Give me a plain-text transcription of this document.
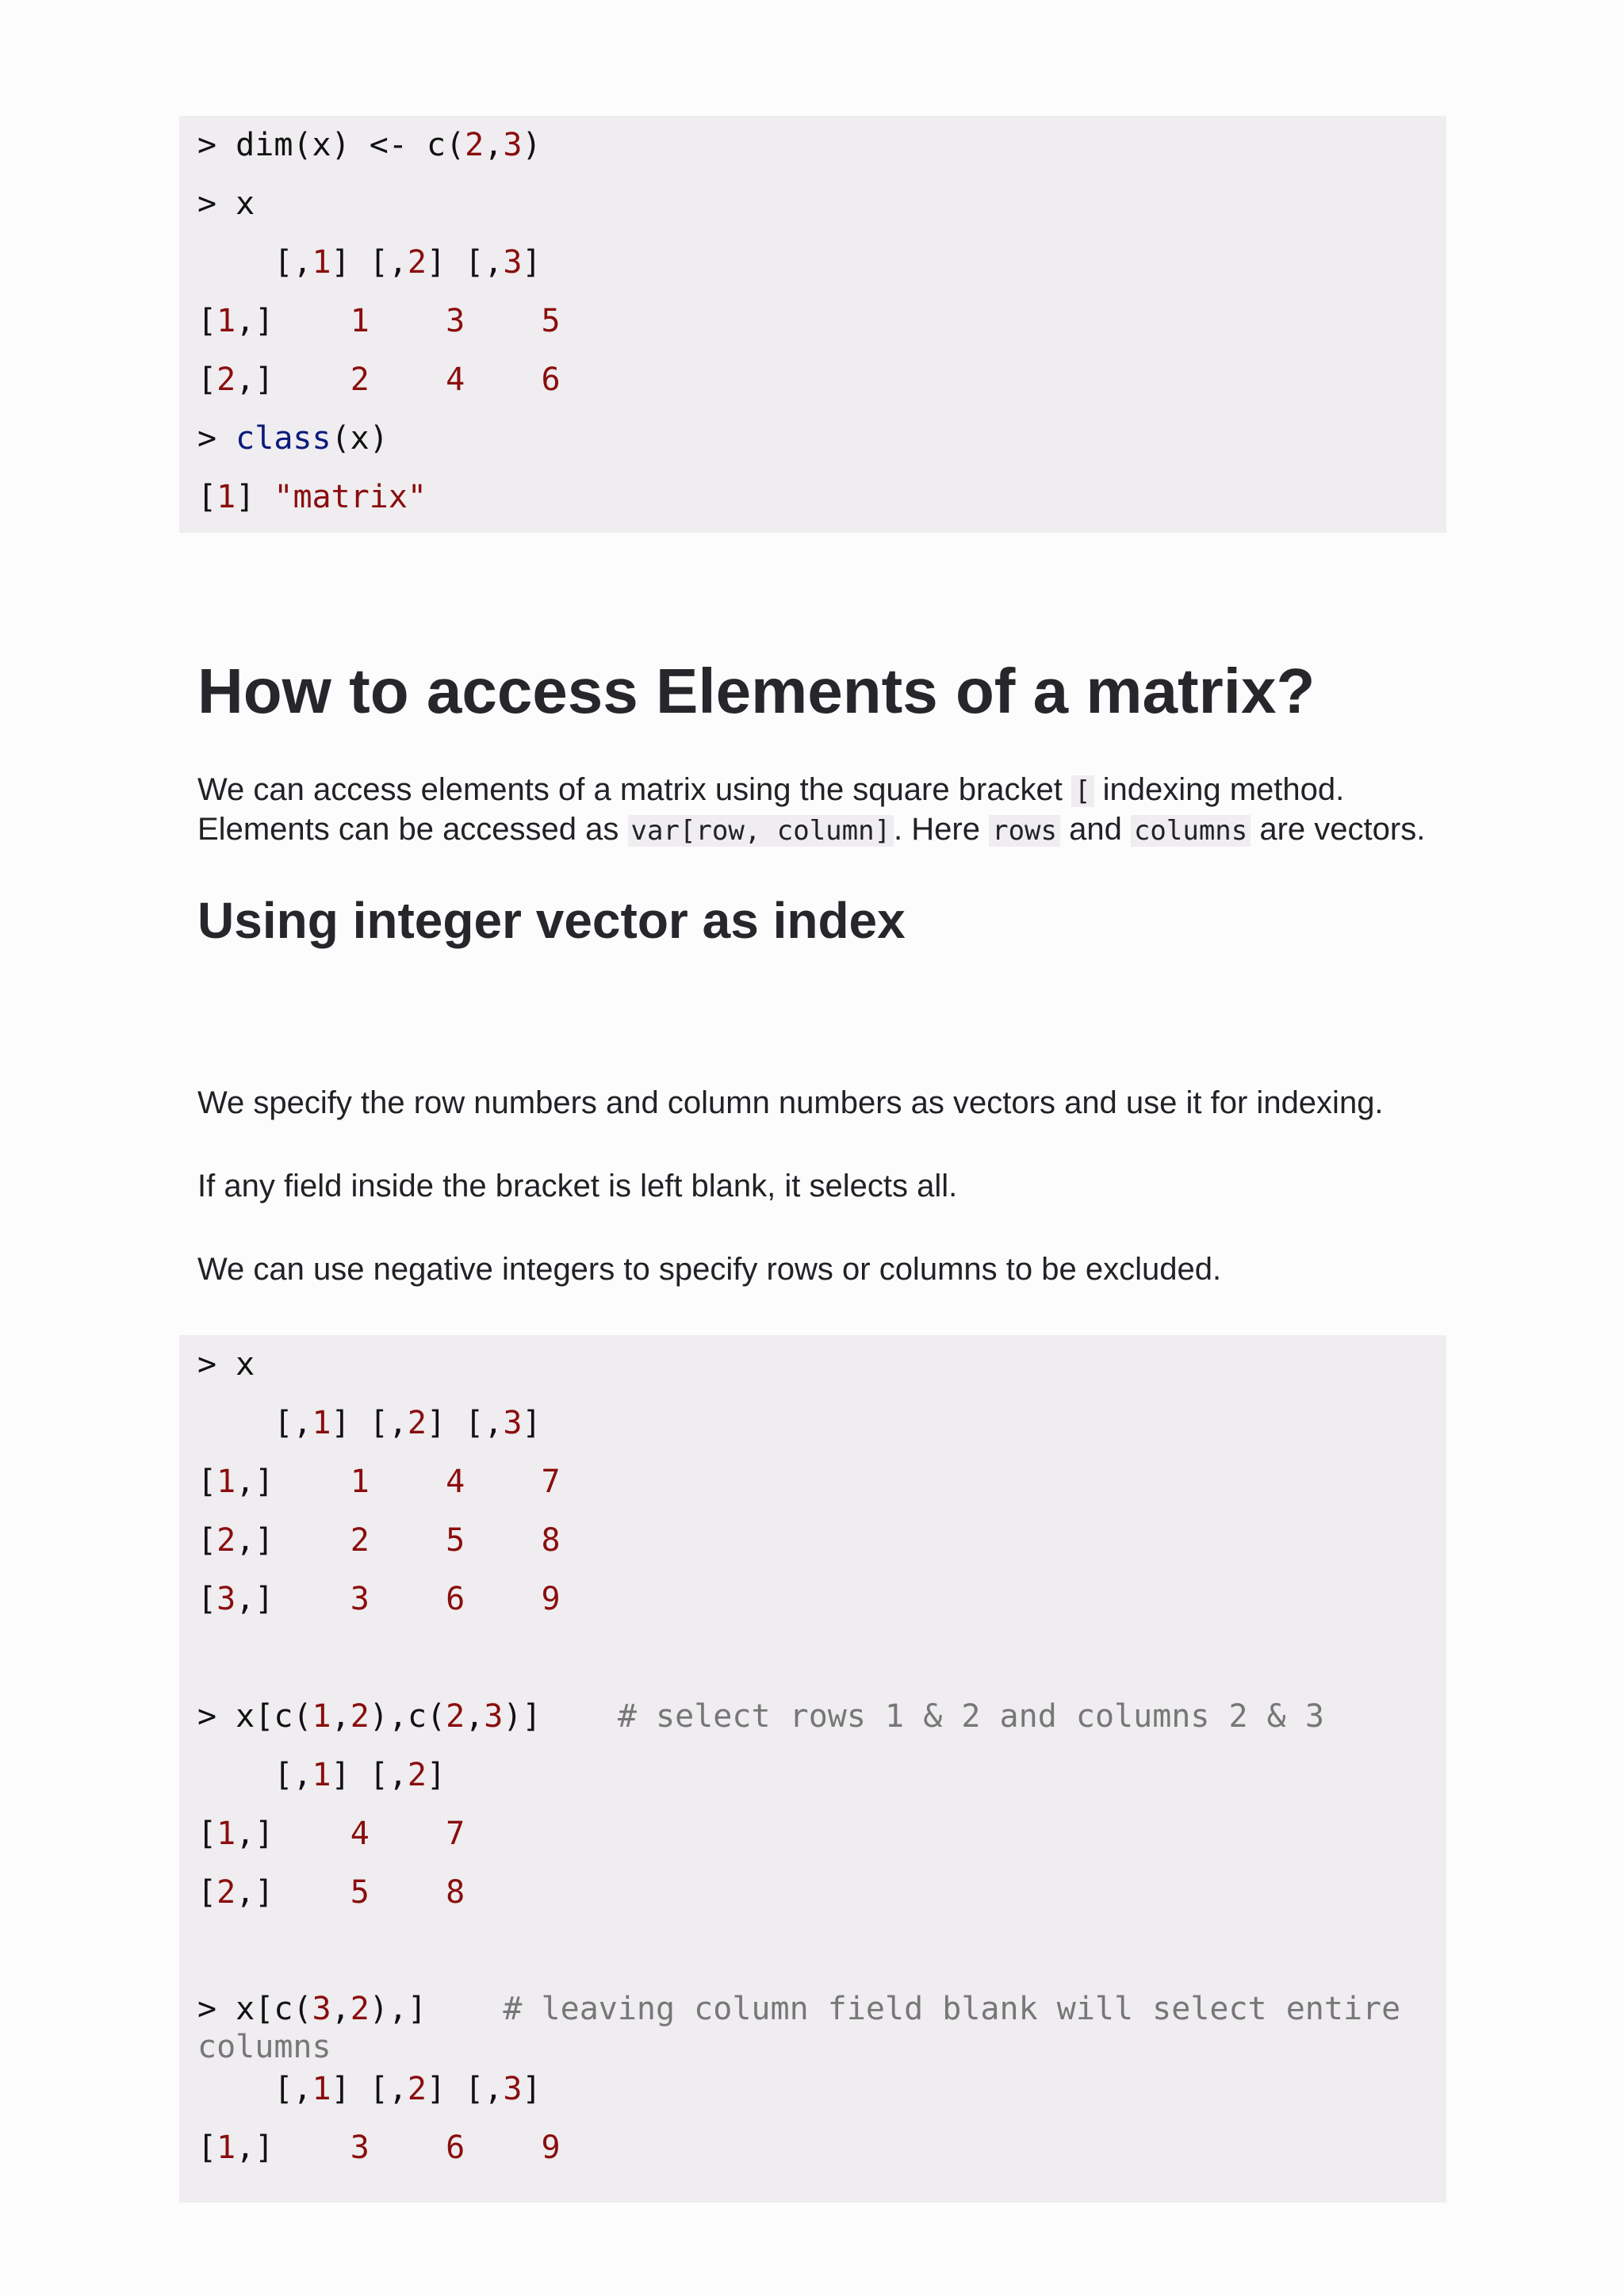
> dim(x) <- c(2,3)
> x
[,1] [,2] [,3]
[1,]    1 3 5
[2,]    2 4 6
> class(x)
[1] "matrix"
How to access Elements of a matrix?

We can access elements of a matrix using the square bracket [ indexing method.
Elements can be accessed as var[row, column] . Here rows and columns are vectors.

Using integer vector as index

We specify the row numbers and column numbers as vectors and use it for indexing.

If any field inside the bracket is left blank, it selects all.

We can use negative integers to specify rows or columns to be excluded.

> x
[,1] [,2] [,3]
[1,]    1 4 7
[2,]    2 5 8
[3,]    3 6 9
> x[c(1,2),c(2,3)]    # select rows 1 & 2 and columns 2 & 3
[,1] [,2]
[1,]    4 7
[2,]    5 8
> x[c(3,2),]    # leaving column field blank will select entire columns
[,1] [,2] [,3]
[1,]    3 6 9
